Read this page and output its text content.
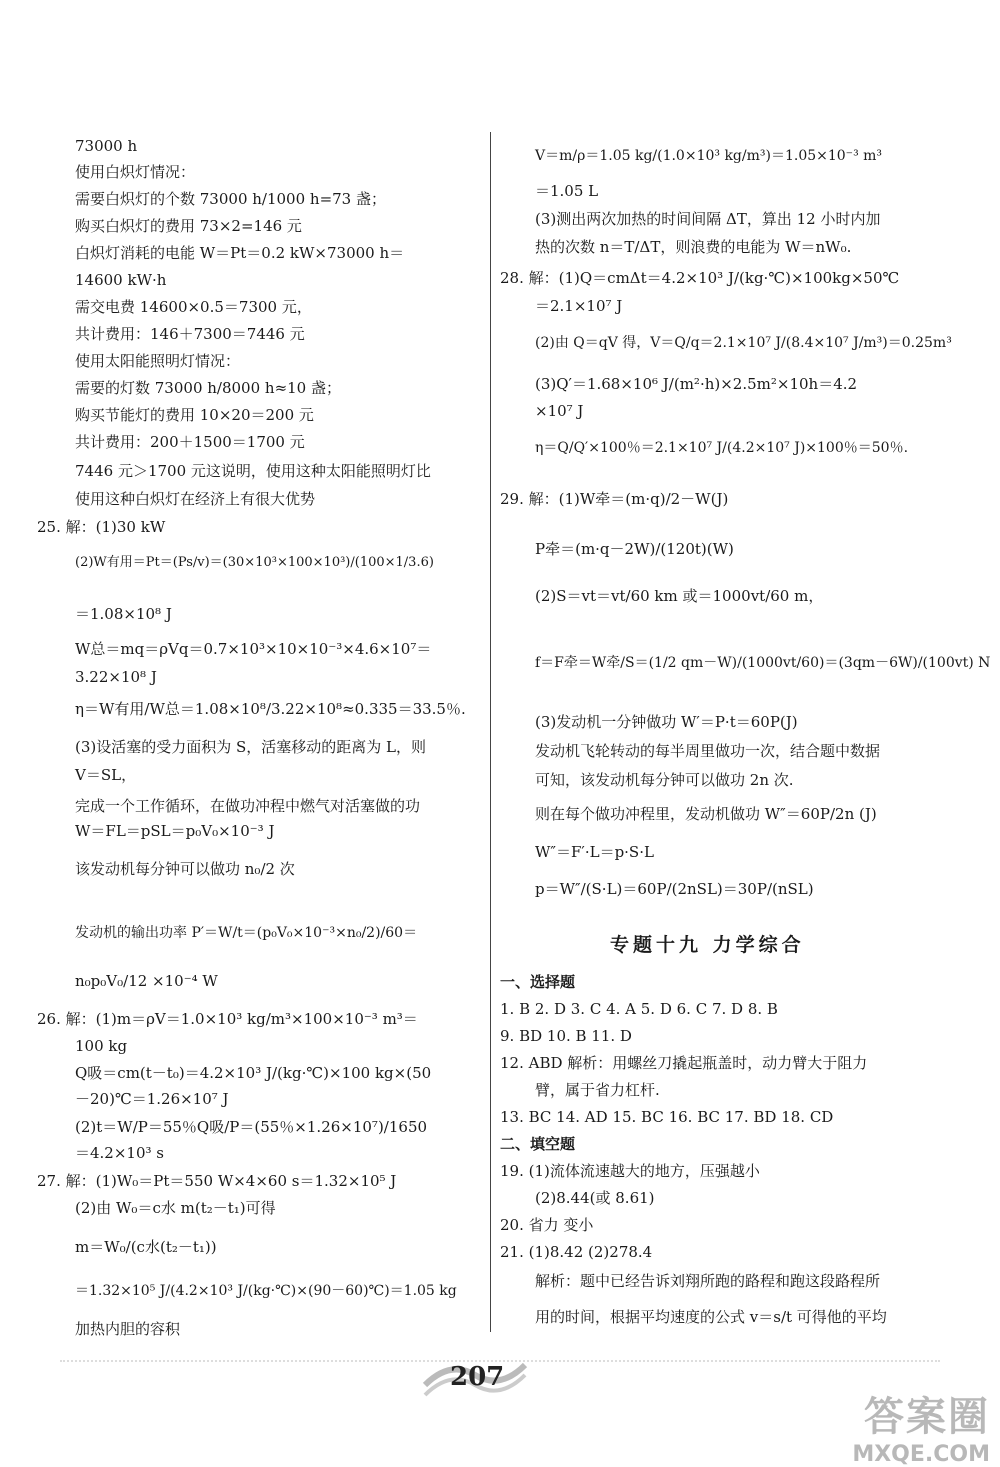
73000 h
使用白炽灯情况：
需要白炽灯的个数 73000 h/1000 h=73 盏；
购买白炽灯的费用 73×2=146 元
白炽灯消耗的电能 W＝Pt＝0.2 kW×73000 h＝
14600 kW·h
需交电费 14600×0.5＝7300 元，
共计费用：146＋7300＝7446 元
使用太阳能照明灯情况：
需要的灯数 73000 h/8000 h≈10 盏；
购买节能灯的费用 10×20＝200 元
共计费用：200＋1500＝1700 元
7446 元＞1700 元这说明，使用这种太阳能照明灯比
使用这种白炽灯在经济上有很大优势
25. 解：(1)30 kW
(2)W有用＝Pt＝(Ps/v)＝(30×10³×100×10³)/(100×1/3.6)
＝1.08×10⁸ J
W总＝mq＝ρVq＝0.7×10³×10×10⁻³×4.6×10⁷＝
3.22×10⁸ J
η＝W有用/W总＝1.08×10⁸/3.22×10⁸≈0.335＝33.5％.
(3)设活塞的受力面积为 S，活塞移动的距离为 L，则
V＝SL，
完成一个工作循环，在做功冲程中燃气对活塞做的功
W＝FL＝pSL＝p₀V₀×10⁻³ J
该发动机每分钟可以做功 n₀/2 次
发动机的输出功率 P′＝W/t＝(p₀V₀×10⁻³×n₀/2)/60＝
n₀p₀V₀/12 ×10⁻⁴ W
26. 解：(1)m＝ρV＝1.0×10³ kg/m³×100×10⁻³ m³＝
100 kg
Q吸＝cm(t－t₀)＝4.2×10³ J/(kg·℃)×100 kg×(50
－20)℃＝1.26×10⁷ J
(2)t＝W/P＝55％Q吸/P＝(55％×1.26×10⁷)/1650
＝4.2×10³ s
27. 解：(1)W₀＝Pt＝550 W×4×60 s＝1.32×10⁵ J
(2)由 W₀＝c水 m(t₂－t₁)可得
m＝W₀/(c水(t₂－t₁))
＝1.32×10⁵ J/(4.2×10³ J/(kg·℃)×(90－60)℃)＝1.05 kg
加热内胆的容积
V＝m/ρ＝1.05 kg/(1.0×10³ kg/m³)＝1.05×10⁻³ m³
＝1.05 L
(3)测出两次加热的时间间隔 ΔT，算出 12 小时内加
热的次数 n＝T/ΔT，则浪费的电能为 W＝nW₀.
28. 解：(1)Q＝cmΔt＝4.2×10³ J/(kg·℃)×100kg×50℃
＝2.1×10⁷ J
(2)由 Q＝qV 得，V＝Q/q＝2.1×10⁷ J/(8.4×10⁷ J/m³)＝0.25m³
(3)Q′＝1.68×10⁶ J/(m²·h)×2.5m²×10h＝4.2
×10⁷ J
η＝Q/Q′×100％＝2.1×10⁷ J/(4.2×10⁷ J)×100％＝50％.
29. 解：(1)W牵＝(m·q)/2－W(J)
P牵＝(m·q－2W)/(120t)(W)
(2)S＝vt＝vt/60 km 或＝1000vt/60 m，
f＝F牵＝W牵/S＝(1/2 qm－W)/(1000vt/60)＝(3qm－6W)/(100vt) N
(3)发动机一分钟做功 W′＝P·t＝60P(J)
发动机飞轮转动的每半周里做功一次，结合题中数据
可知，该发动机每分钟可以做功 2n 次.
则在每个做功冲程里，发动机做功 W″＝60P/2n (J)
W″＝F′·L＝p·S·L
p＝W″/(S·L)＝60P/(2nSL)＝30P/(nSL)
专题十九 力学综合
一、选择题
1. B 2. D 3. C 4. A 5. D 6. C 7. D 8. B
9. BD 10. B 11. D
12. ABD 解析：用螺丝刀撬起瓶盖时，动力臂大于阻力
臂，属于省力杠杆.
13. BC 14. AD 15. BC 16. BC 17. BD 18. CD
二、填空题
19. (1)流体流速越大的地方，压强越小
(2)8.44(或 8.61)
20. 省力 变小
21. (1)8.42 (2)278.4
解析：题中已经告诉刘翔所跑的路程和跑这段路程所
用的时间，根据平均速度的公式 v＝s/t 可得他的平均
207
答案圈
MXQE.COM
